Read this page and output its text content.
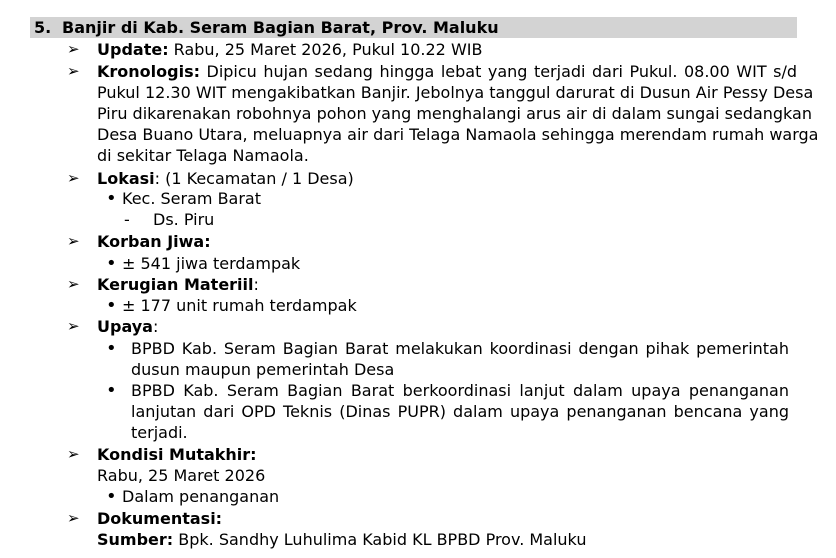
5. Banjir di Kab. Seram Bagian Barat, Prov. Maluku
➢ Update: Rabu, 25 Maret 2026, Pukul 10.22 WIB
➢ Kronologis: Dipicu hujan sedang hingga lebat yang terjadi dari Pukul. 08.00 WIT s/d
Pukul 12.30 WIT mengakibatkan Banjir. Jebolnya tanggul darurat di Dusun Air Pessy Desa
Piru dikarenakan robohnya pohon yang menghalangi arus air di dalam sungai sedangkan
Desa Buano Utara, meluapnya air dari Telaga Namaola sehingga merendam rumah warga
di sekitar Telaga Namaola.
➢ Lokasi: (1 Kecamatan / 1 Desa)
• Kec. Seram Barat
- Ds. Piru
➢ Korban Jiwa:
• ± 541 jiwa terdampak
➢ Kerugian Materiil:
• ± 177 unit rumah terdampak
➢ Upaya:
• BPBD Kab. Seram Bagian Barat melakukan koordinasi dengan pihak pemerintah
dusun maupun pemerintah Desa
• BPBD Kab. Seram Bagian Barat berkoordinasi lanjut dalam upaya penanganan
lanjutan dari OPD Teknis (Dinas PUPR) dalam upaya penanganan bencana yang
terjadi.
➢ Kondisi Mutakhir:
Rabu, 25 Maret 2026
• Dalam penanganan
➢ Dokumentasi:
Sumber: Bpk. Sandhy Luhulima Kabid KL BPBD Prov. Maluku
